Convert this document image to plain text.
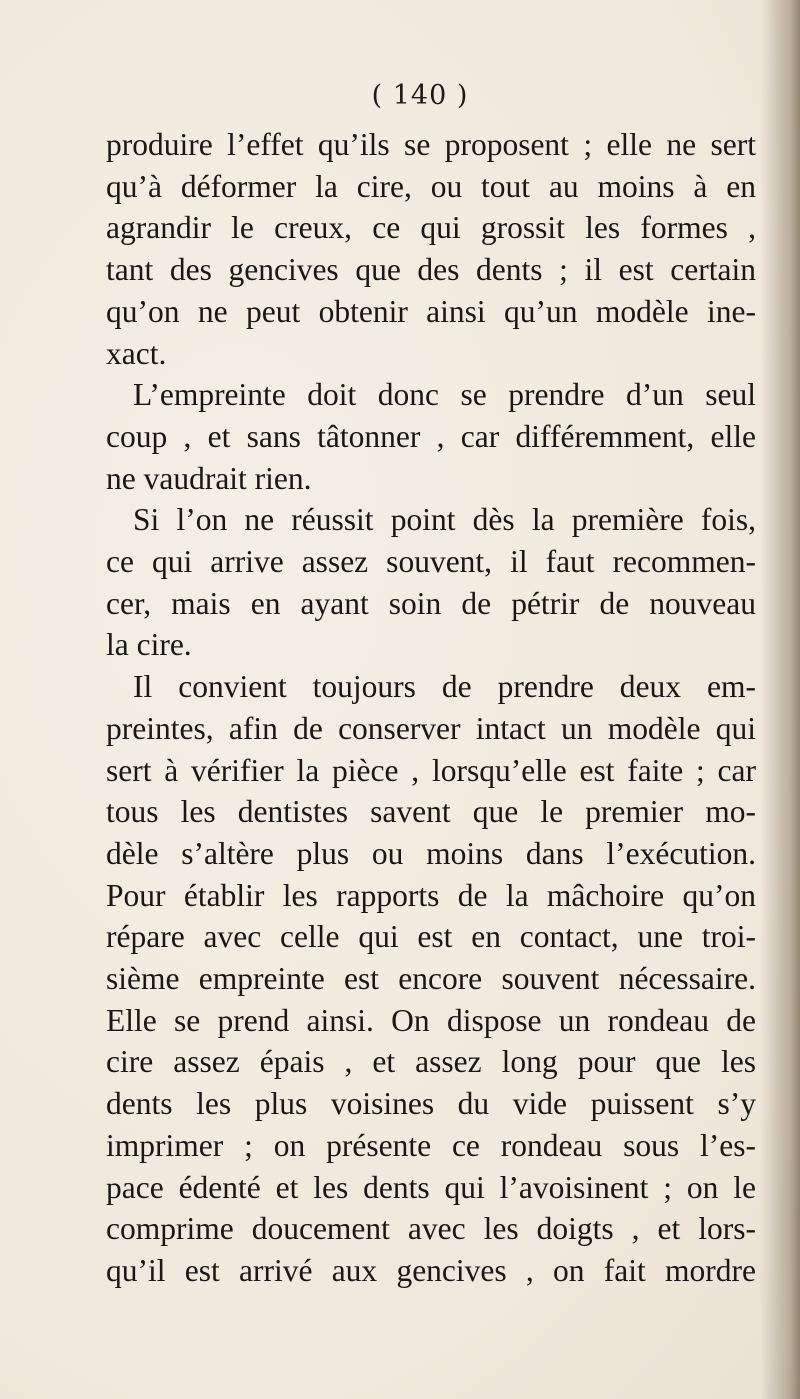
( 140 )
produire l’effet qu’ils se proposent ; elle ne sert
qu’à déformer la cire, ou tout au moins à en
agrandir le creux, ce qui grossit les formes ,
tant des gencives que des dents ; il est certain
qu’on ne peut obtenir ainsi qu’un modèle ine-
xact.
L’empreinte doit donc se prendre d’un seul
coup , et sans tâtonner , car différemment, elle
ne vaudrait rien.
Si l’on ne réussit point dès la première fois,
ce qui arrive assez souvent, il faut recommen-
cer, mais en ayant soin de pétrir de nouveau
la cire.
Il convient toujours de prendre deux em-
preintes, afin de conserver intact un modèle qui
sert à vérifier la pièce , lorsqu’elle est faite ; car
tous les dentistes savent que le premier mo-
dèle s’altère plus ou moins dans l’exécution.
Pour établir les rapports de la mâchoire qu’on
répare avec celle qui est en contact, une troi-
sième empreinte est encore souvent nécessaire.
Elle se prend ainsi. On dispose un rondeau de
cire assez épais , et assez long pour que les
dents les plus voisines du vide puissent s’y
imprimer ; on présente ce rondeau sous l’es-
pace édenté et les dents qui l’avoisinent ; on le
comprime doucement avec les doigts , et lors-
qu’il est arrivé aux gencives , on fait mordre
